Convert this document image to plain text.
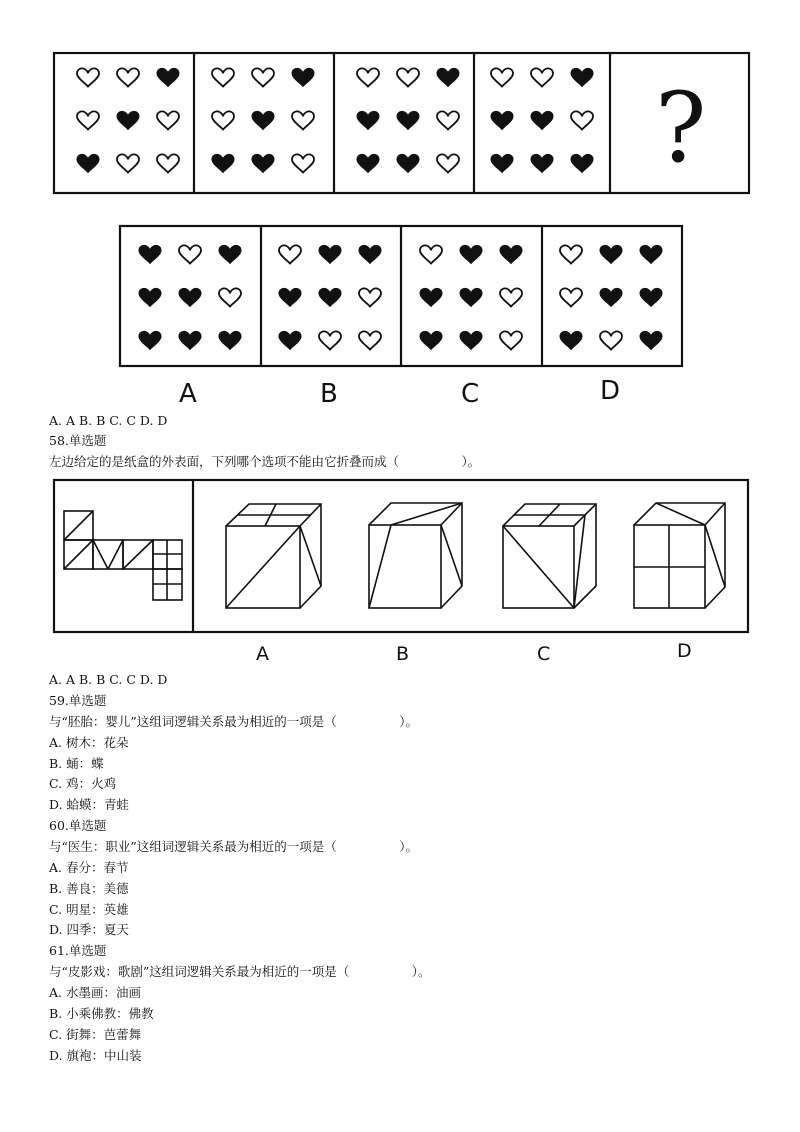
?
A	B	C	D
A. A B. B C. C D. D
58.单选题
左边给定的是纸盒的外表面，下列哪个选项不能由它折叠而成（　　　　　）。
A	B	C	D
A. A B. B C. C D. D
59.单选题
与“胚胎：婴儿”这组词逻辑关系最为相近的一项是（　　　　　）。
A. 树木：花朵
B. 蛹：蝶
C. 鸡：火鸡
D. 蛤蟆：青蛙
60.单选题
与“医生：职业”这组词逻辑关系最为相近的一项是（　　　　　）。
A. 春分：春节
B. 善良：美德
C. 明星：英雄
D. 四季：夏天
61.单选题
与“皮影戏：歌剧”这组词逻辑关系最为相近的一项是（　　　　　）。
A. 水墨画：油画
B. 小乘佛教：佛教
C. 街舞：芭蕾舞
D. 旗袍：中山装
